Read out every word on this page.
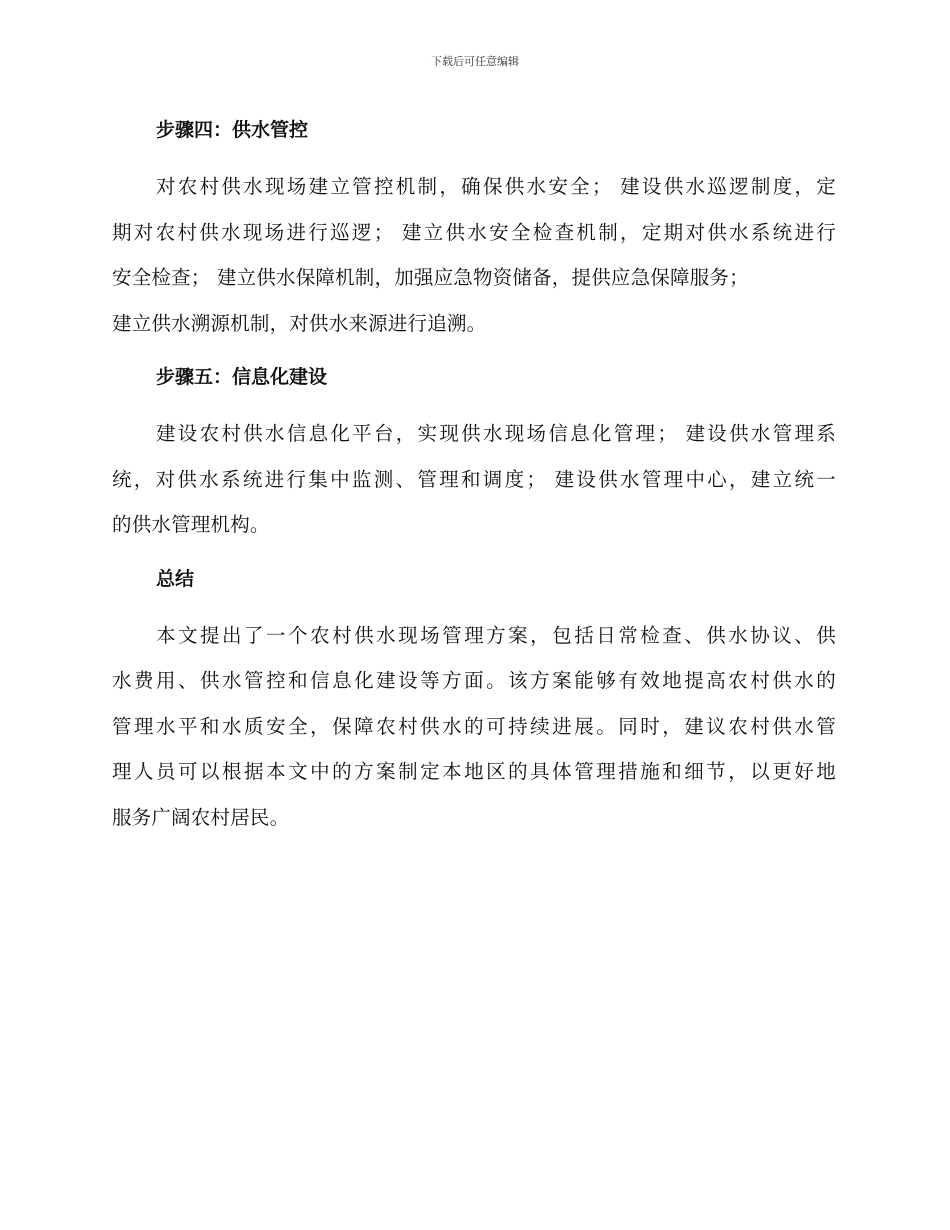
下载后可任意编辑
步骤四：供水管控
对农村供水现场建立管控机制，确保供水安全； 建设供水巡逻制度，定
期对农村供水现场进行巡逻； 建立供水安全检查机制，定期对供水系统进行
安全检查； 建立供水保障机制，加强应急物资储备，提供应急保障服务；
建立供水溯源机制，对供水来源进行追溯。
步骤五：信息化建设
建设农村供水信息化平台，实现供水现场信息化管理； 建设供水管理系
统，对供水系统进行集中监测、管理和调度； 建设供水管理中心，建立统一
的供水管理机构。
总结
本文提出了一个农村供水现场管理方案，包括日常检查、供水协议、供
水费用、供水管控和信息化建设等方面。该方案能够有效地提高农村供水的
管理水平和水质安全，保障农村供水的可持续进展。同时，建议农村供水管
理人员可以根据本文中的方案制定本地区的具体管理措施和细节，以更好地
服务广阔农村居民。
